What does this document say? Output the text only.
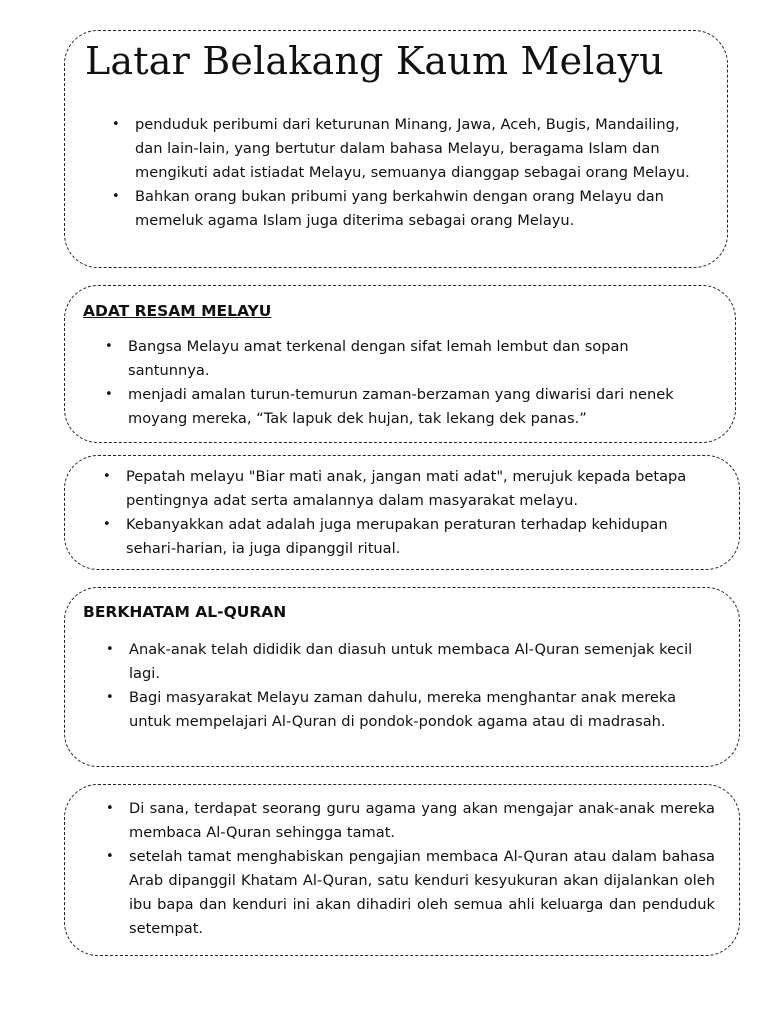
Latar Belakang Kaum Melayu
• penduduk peribumi dari keturunan Minang, Jawa, Aceh, Bugis, Mandailing, dan lain-lain, yang bertutur dalam bahasa Melayu, beragama Islam dan mengikuti adat istiadat Melayu, semuanya dianggap sebagai orang Melayu.
• Bahkan orang bukan pribumi yang berkahwin dengan orang Melayu dan memeluk agama Islam juga diterima sebagai orang Melayu.
ADAT RESAM MELAYU
• Bangsa Melayu amat terkenal dengan sifat lemah lembut dan sopan santunnya.
• menjadi amalan turun-temurun zaman-berzaman yang diwarisi dari nenek moyang mereka, “Tak lapuk dek hujan, tak lekang dek panas.”
• Pepatah melayu "Biar mati anak, jangan mati adat", merujuk kepada betapa pentingnya adat serta amalannya dalam masyarakat melayu.
• Kebanyakkan adat adalah juga merupakan peraturan terhadap kehidupan sehari-harian, ia juga dipanggil ritual.
BERKHATAM AL-QURAN
• Anak-anak telah dididik dan diasuh untuk membaca Al-Quran semenjak kecil lagi.
• Bagi masyarakat Melayu zaman dahulu, mereka menghantar anak mereka untuk mempelajari Al-Quran di pondok-pondok agama atau di madrasah.
• Di sana, terdapat seorang guru agama yang akan mengajar anak-anak mereka membaca Al-Quran sehingga tamat.
• setelah tamat menghabiskan pengajian membaca Al-Quran atau dalam bahasa Arab dipanggil Khatam Al-Quran, satu kenduri kesyukuran akan dijalankan oleh ibu bapa dan kenduri ini akan dihadiri oleh semua ahli keluarga dan penduduk setempat.
